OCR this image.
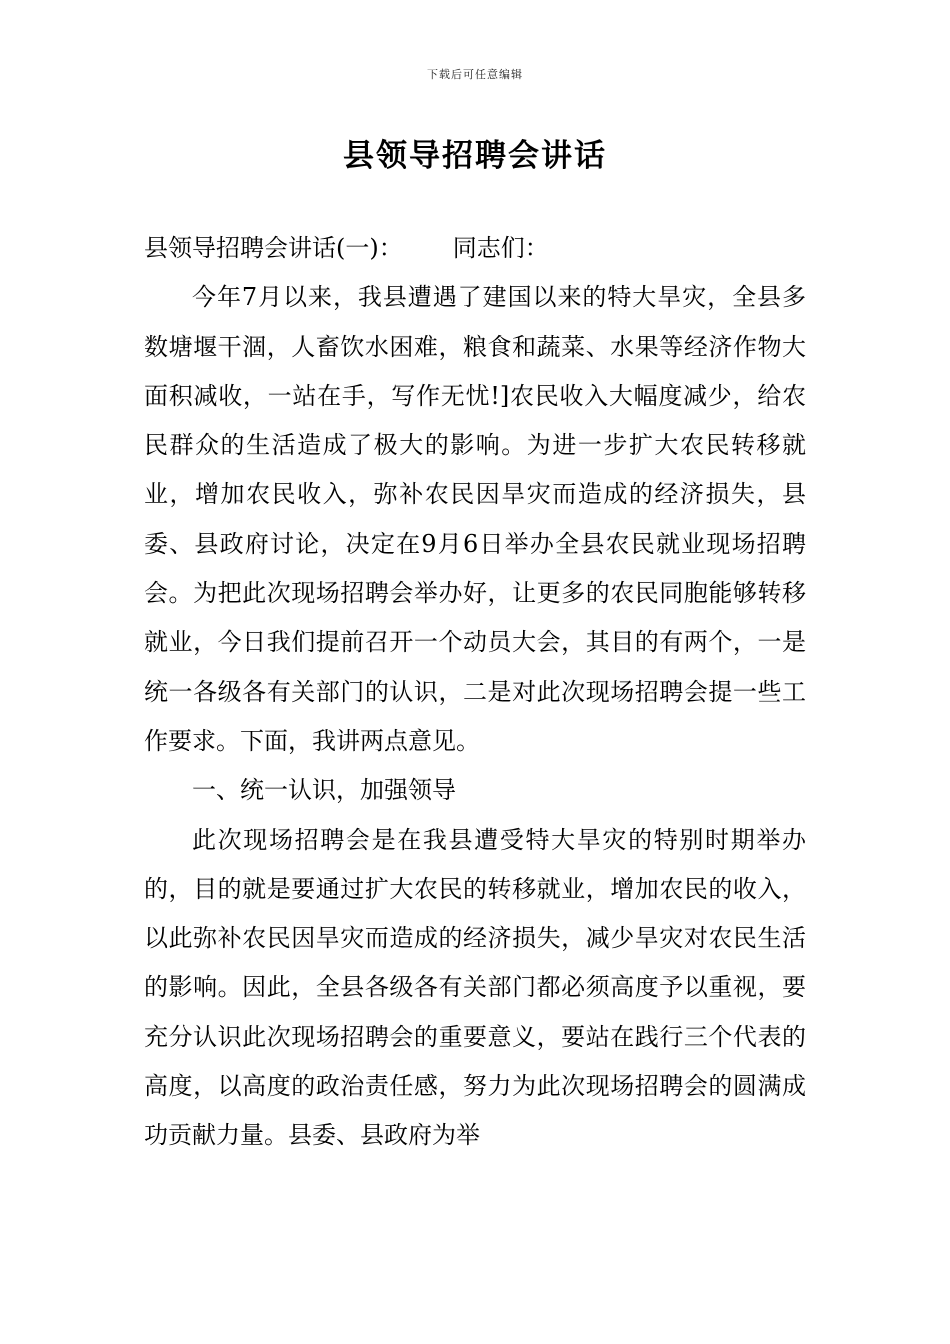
下载后可任意编辑
县领导招聘会讲话

县领导招聘会讲话(一)： 同志们：

今年7月以来，我县遭遇了建国以来的特大旱灾，全县多数塘堰干涸，人畜饮水困难，粮食和蔬菜、水果等经济作物大面积减收，一站在手，写作无忧!]农民收入大幅度减少，给农民群众的生活造成了极大的影响。为进一步扩大农民转移就业，增加农民收入，弥补农民因旱灾而造成的经济损失，县委、县政府讨论，决定在9月6日举办全县农民就业现场招聘会。为把此次现场招聘会举办好，让更多的农民同胞能够转移就业，今日我们提前召开一个动员大会，其目的有两个，一是统一各级各有关部门的认识，二是对此次现场招聘会提一些工作要求。下面，我讲两点意见。

一、统一认识，加强领导

此次现场招聘会是在我县遭受特大旱灾的特别时期举办的，目的就是要通过扩大农民的转移就业，增加农民的收入，以此弥补农民因旱灾而造成的经济损失，减少旱灾对农民生活的影响。因此，全县各级各有关部门都必须高度予以重视，要充分认识此次现场招聘会的重要意义，要站在践行三个代表的高度，以高度的政治责任感，努力为此次现场招聘会的圆满成功贡献力量。县委、县政府为举
